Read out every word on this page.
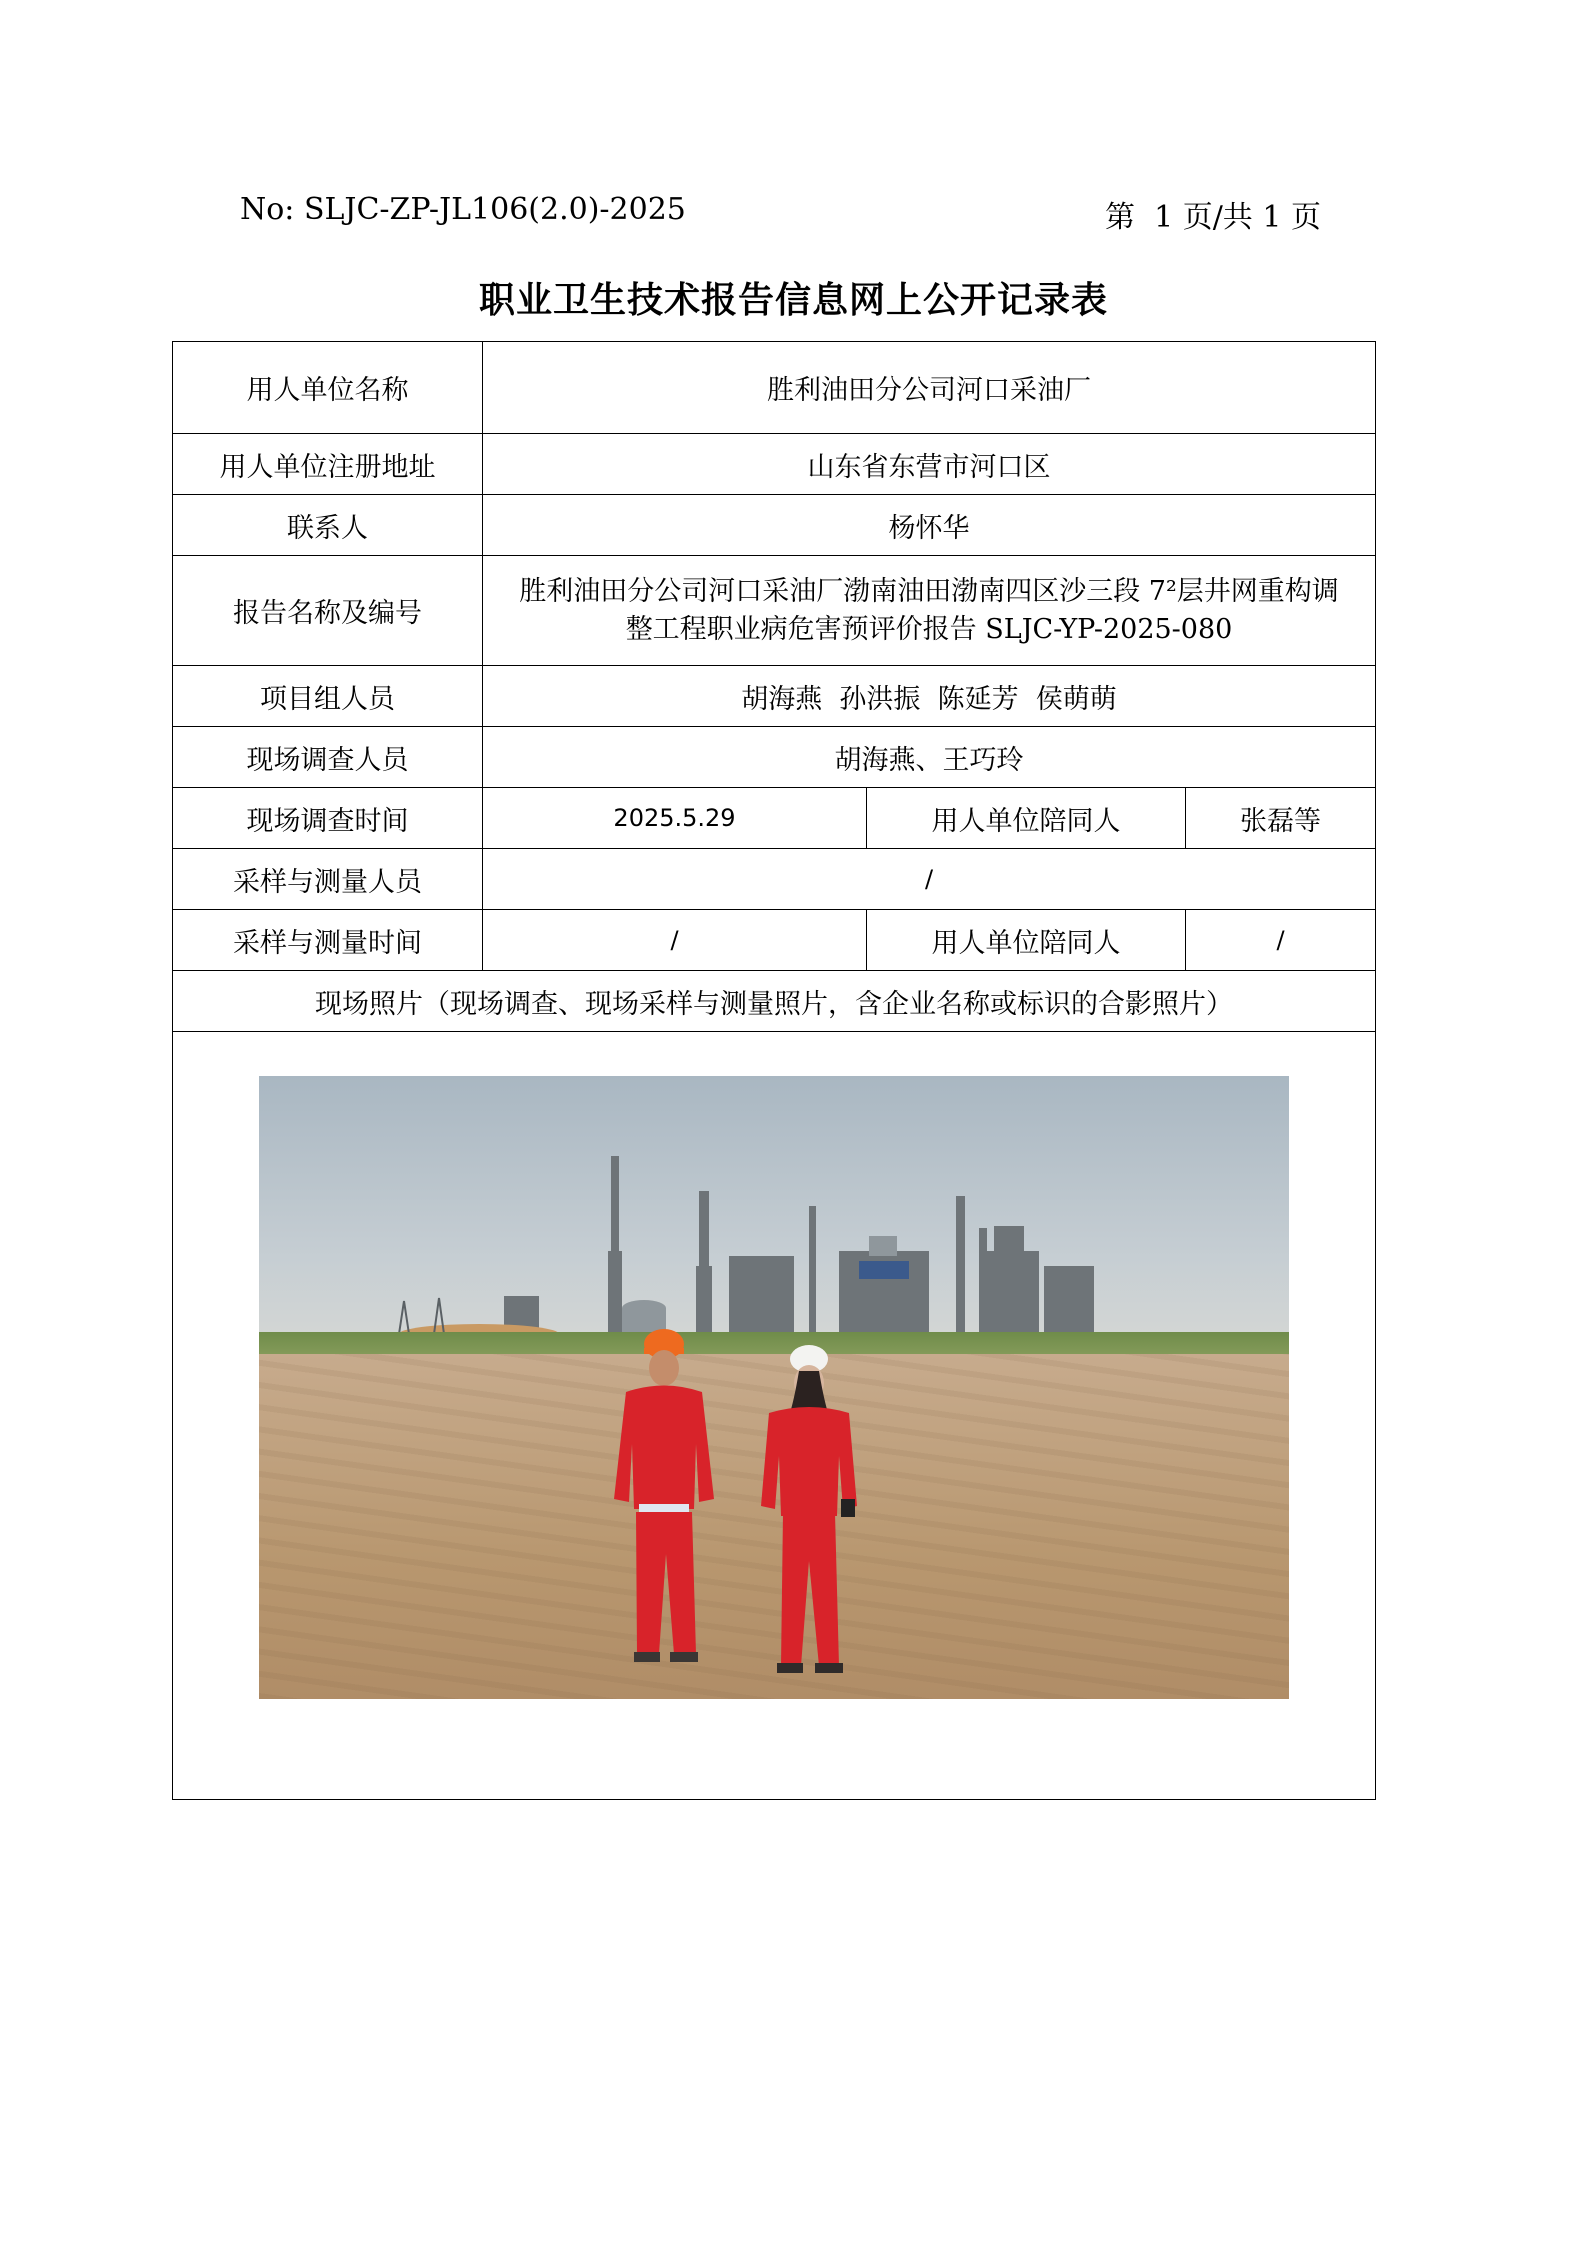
No: SLJC-ZP-JL106(2.0)-2025	第  1 页/共 1 页
职业卫生技术报告信息网上公开记录表
用人单位名称	胜利油田分公司河口采油厂		
用人单位注册地址	山东省东营市河口区		
联系人	杨怀华		
报告名称及编号	胜利油田分公司河口采油厂渤南油田渤南四区沙三段 7²层井网重构调
整工程职业病危害预评价报告 SLJC-YP-2025-080		

项目组人员	胡海燕  孙洪振  陈延芳  侯萌萌		
现场调查人员	胡海燕、王巧玲		
现场调查时间	2025.5.29	用人单位陪同人	张磊等
采样与测量人员	/		
采样与测量时间	/	用人单位陪同人	/
现场照片（现场调查、现场采样与测量照片，含企业名称或标识的合影照片）			
